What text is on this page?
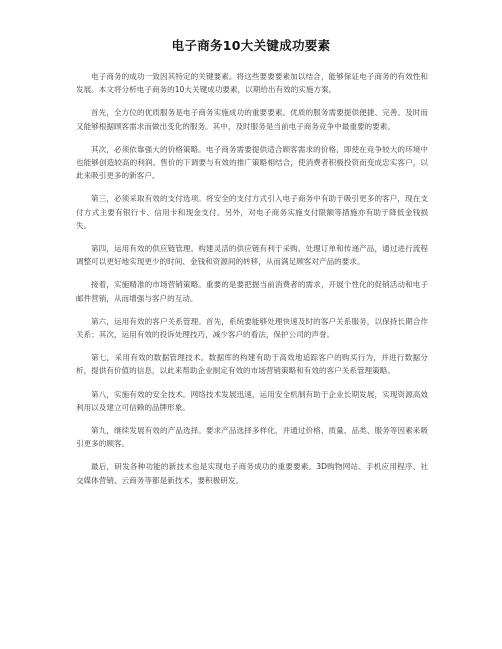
电子商务10大关键成功要素

电子商务的成功一致因其特定的关键要素。将这些要要要素加以结合，能够保证电子商务的有效性和发展。本文将分析电子商务的10大关键成功要素，以期给出有效的实施方案。

首先，全方位的优质服务是电子商务实施成功的重要要素。优质的服务需要提供便捷、完善、及时而又能够根据顾客需求而做出变化的服务。其中，及时服务是当前电子商务竞争中最重要的要素。

其次，必须依靠强大的价格策略。电子商务需要提供适合顾客需求的价格，即使在竞争较大的环境中也能够创造较高的利润。售价的下调要与有效的推广策略相结合，使消费者积极投资而变成忠实客户，以此来吸引更多的新客户。

第三，必须采取有效的支付选项。将安全的支付方式引入电子商务中有助于吸引更多的客户，现在支付方式主要有银行卡、信用卡和现金支付。另外，对电子商务实施支付限额等措施亦有助于降低金钱损失。

第四，运用有效的供应链管理。构建灵活的供应链有利于采购、处理订单和传递产品，通过进行流程调整可以更好地实现更少的时间、金钱和资源间的转移，从而满足顾客对产品的要求。

接着，实施精准的市场营销策略。重要的是要把握当前消费者的需求，开展个性化的促销活动和电子邮件营销，从而增强与客户的互动。

第六，运用有效的客户关系管理。首先，系统要能够处理快速及时的客户关系服务，以保持长期合作关系；其次，运用有效的投诉处理技巧，减少客户的看法，保护公司的声誉。

第七，采用有效的数据管理技术。数据库的构建有助于高效地追踪客户的购买行为，并进行数据分析，提供有价值的信息，以此来帮助企业制定有效的市场营销策略和有效的客户关系管理策略。

第八，实施有效的安全技术。网络技术发展迅速，运用安全机制有助于企业长期发展，实现资源高效利用以及建立可信赖的品牌形象。

第九，继续发展有效的产品选择。要求产品选择多样化，并通过价格、质量、品类、服务等因素来吸引更多的顾客。

最后，研发各种功能的新技术也是实现电子商务成功的重要要素。3D购物网站、手机应用程序、社交媒体营销、云商务等都是新技术，要积极研发。
